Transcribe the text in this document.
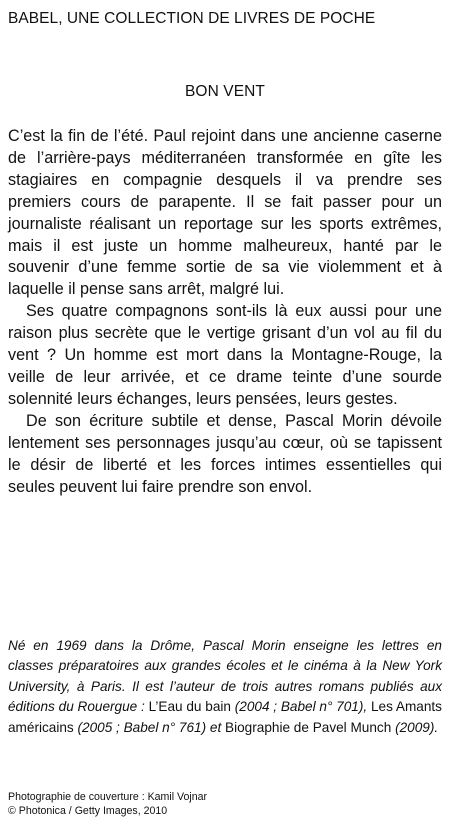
BABEL, UNE COLLECTION DE LIVRES DE POCHE
BON VENT

C’est la fin de l’été. Paul rejoint dans une ancienne caserne de l’arrière-pays méditerranéen transformée en gîte les stagiaires en compagnie desquels il va prendre ses premiers cours de parapente. Il se fait passer pour un journaliste réalisant un reportage sur les sports extrêmes, mais il est juste un homme malheureux, hanté par le souvenir d’une femme sortie de sa vie violemment et à laquelle il pense sans arrêt, malgré lui.

Ses quatre compagnons sont-ils là eux aussi pour une raison plus secrète que le vertige grisant d’un vol au fil du vent ? Un homme est mort dans la Montagne-Rouge, la veille de leur arrivée, et ce drame teinte d’une sourde solennité leurs échanges, leurs pensées, leurs gestes.

De son écriture subtile et dense, Pascal Morin dévoile lentement ses personnages jusqu’au cœur, où se tapissent le désir de liberté et les forces intimes essentielles qui seules peuvent lui faire prendre son envol.

Né en 1969 dans la Drôme, Pascal Morin enseigne les lettres en classes préparatoires aux grandes écoles et le cinéma à la New York University, à Paris. Il est l’auteur de trois autres romans publiés aux éditions du Rouergue : L’Eau du bain (2004 ; Babel n° 701), Les Amants américains (2005 ; Babel n° 761) et Biographie de Pavel Munch (2009).

Photographie de couverture : Kamil Vojnar
© Photonica / Getty Images, 2010
